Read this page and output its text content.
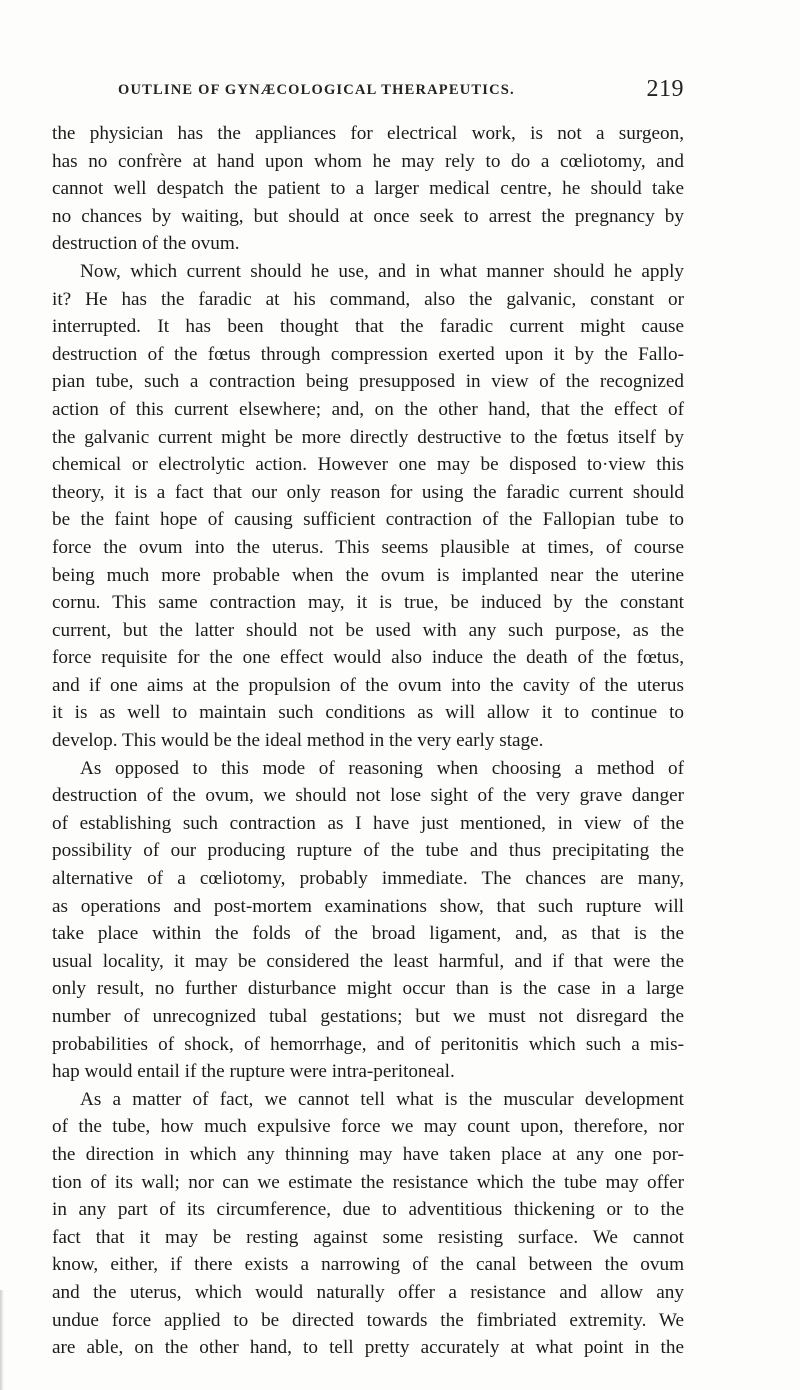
OUTLINE OF GYNÆCOLOGICAL THERAPEUTICS.	219
the physician has the appliances for electrical work, is not a surgeon,
has no confrère at hand upon whom he may rely to do a cœliotomy, and
cannot well despatch the patient to a larger medical centre, he should take
no chances by waiting, but should at once seek to arrest the pregnancy by
destruction of the ovum.
Now, which current should he use, and in what manner should he apply
it? He has the faradic at his command, also the galvanic, constant or
interrupted. It has been thought that the faradic current might cause
destruction of the fœtus through compression exerted upon it by the Fallo-
pian tube, such a contraction being presupposed in view of the recognized
action of this current elsewhere; and, on the other hand, that the effect of
the galvanic current might be more directly destructive to the fœtus itself by
chemical or electrolytic action. However one may be disposed to·view this
theory, it is a fact that our only reason for using the faradic current should
be the faint hope of causing sufficient contraction of the Fallopian tube to
force the ovum into the uterus. This seems plausible at times, of course
being much more probable when the ovum is implanted near the uterine
cornu. This same contraction may, it is true, be induced by the constant
current, but the latter should not be used with any such purpose, as the
force requisite for the one effect would also induce the death of the fœtus,
and if one aims at the propulsion of the ovum into the cavity of the uterus
it is as well to maintain such conditions as will allow it to continue to
develop. This would be the ideal method in the very early stage.
As opposed to this mode of reasoning when choosing a method of
destruction of the ovum, we should not lose sight of the very grave danger
of establishing such contraction as I have just mentioned, in view of the
possibility of our producing rupture of the tube and thus precipitating the
alternative of a cœliotomy, probably immediate. The chances are many,
as operations and post-mortem examinations show, that such rupture will
take place within the folds of the broad ligament, and, as that is the
usual locality, it may be considered the least harmful, and if that were the
only result, no further disturbance might occur than is the case in a large
number of unrecognized tubal gestations; but we must not disregard the
probabilities of shock, of hemorrhage, and of peritonitis which such a mis-
hap would entail if the rupture were intra-peritoneal.
As a matter of fact, we cannot tell what is the muscular development
of the tube, how much expulsive force we may count upon, therefore, nor
the direction in which any thinning may have taken place at any one por-
tion of its wall; nor can we estimate the resistance which the tube may offer
in any part of its circumference, due to adventitious thickening or to the
fact that it may be resting against some resisting surface. We cannot
know, either, if there exists a narrowing of the canal between the ovum
and the uterus, which would naturally offer a resistance and allow any
undue force applied to be directed towards the fimbriated extremity. We
are able, on the other hand, to tell pretty accurately at what point in the
